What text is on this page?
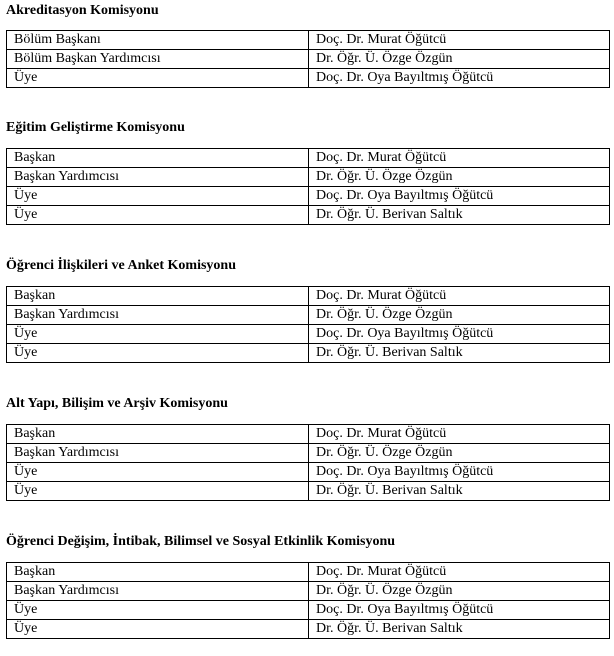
Akreditasyon Komisyonu
Bölüm Başkanı	Doç. Dr. Murat Öğütcü
Bölüm Başkan Yardımcısı	Dr. Öğr. Ü. Özge Özgün
Üye	Doç. Dr. Oya Bayıltmış Öğütcü
Eğitim Geliştirme Komisyonu
Başkan	Doç. Dr. Murat Öğütcü
Başkan Yardımcısı	Dr. Öğr. Ü. Özge Özgün
Üye	Doç. Dr. Oya Bayıltmış Öğütcü
Üye	Dr. Öğr. Ü. Berivan Saltık
Öğrenci İlişkileri ve Anket Komisyonu
Başkan	Doç. Dr. Murat Öğütcü
Başkan Yardımcısı	Dr. Öğr. Ü. Özge Özgün
Üye	Doç. Dr. Oya Bayıltmış Öğütcü
Üye	Dr. Öğr. Ü. Berivan Saltık
Alt Yapı, Bilişim ve Arşiv Komisyonu
Başkan	Doç. Dr. Murat Öğütcü
Başkan Yardımcısı	Dr. Öğr. Ü. Özge Özgün
Üye	Doç. Dr. Oya Bayıltmış Öğütcü
Üye	Dr. Öğr. Ü. Berivan Saltık
Öğrenci Değişim, İntibak, Bilimsel ve Sosyal Etkinlik Komisyonu
Başkan	Doç. Dr. Murat Öğütcü
Başkan Yardımcısı	Dr. Öğr. Ü. Özge Özgün
Üye	Doç. Dr. Oya Bayıltmış Öğütcü
Üye	Dr. Öğr. Ü. Berivan Saltık
